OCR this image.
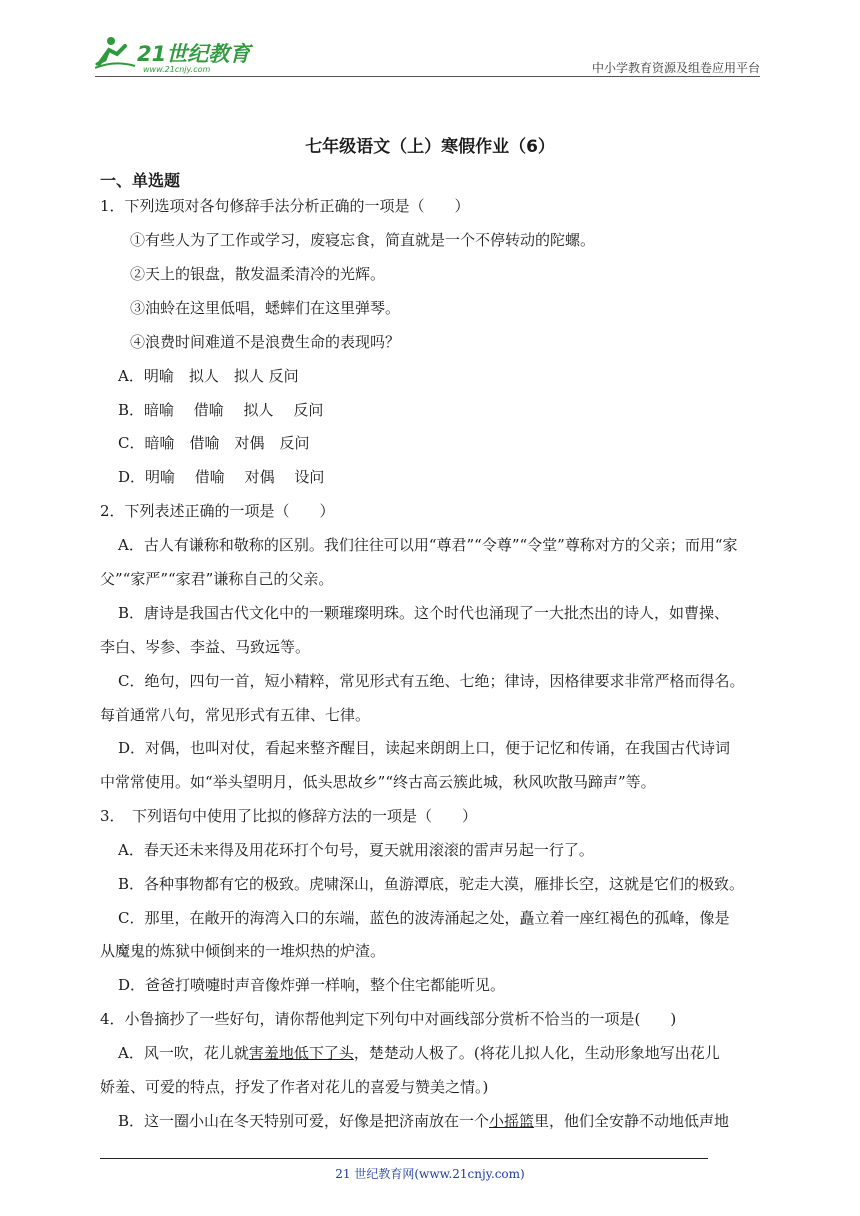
21世纪教育
www.21cnjy.com	中小学教育资源及组卷应用平台
七年级语文（上）寒假作业（6）
一、单选题
1．下列选项对各句修辞手法分析正确的一项是（　　）
①有些人为了工作或学习，废寝忘食，简直就是一个不停转动的陀螺。
②天上的银盘，散发温柔清冷的光辉。
③油蛉在这里低唱，蟋蟀们在这里弹琴。
④浪费时间难道不是浪费生命的表现吗？
A．明喻　拟人　拟人 反问
B．暗喻　 借喻　 拟人　 反问
C．暗喻　借喻　对偶　反问
D．明喻　 借喻　 对偶　 设问
2．下列表述正确的一项是（　　）
A．古人有谦称和敬称的区别。我们往往可以用“尊君”“令尊”“令堂”尊称对方的父亲；而用“家
父”“家严”“家君”谦称自己的父亲。
B．唐诗是我国古代文化中的一颗璀璨明珠。这个时代也涌现了一大批杰出的诗人，如曹操、
李白、岑参、李益、马致远等。
C．绝句，四句一首，短小精粹，常见形式有五绝、七绝；律诗，因格律要求非常严格而得名。
每首通常八句，常见形式有五律、七律。
D．对偶，也叫对仗，看起来整齐醒目，读起来朗朗上口，便于记忆和传诵，在我国古代诗词
中常常使用。如“举头望明月，低头思故乡”“终古高云簇此城，秋风吹散马蹄声”等。
3．　下列语句中使用了比拟的修辞方法的一项是（　　）
A．春天还未来得及用花环打个句号，夏天就用滚滚的雷声另起一行了。
B．各种事物都有它的极致。虎啸深山，鱼游潭底，驼走大漠，雁排长空，这就是它们的极致。
C．那里，在敞开的海湾入口的东端，蓝色的波涛涌起之处，矗立着一座红褐色的孤峰，像是
从魔鬼的炼狱中倾倒来的一堆炽热的炉渣。
D．爸爸打喷嚏时声音像炸弹一样响，整个住宅都能听见。
4．小鲁摘抄了一些好句，请你帮他判定下列句中对画线部分赏析不恰当的一项是(　　)
A．风一吹，花儿就害羞地低下了头，楚楚动人极了。(将花儿拟人化，生动形象地写出花儿
娇羞、可爱的特点，抒发了作者对花儿的喜爱与赞美之情。)
B．这一圈小山在冬天特别可爱，好像是把济南放在一个小摇篮里，他们全安静不动地低声地
21 世纪教育网(www.21cnjy.com)
